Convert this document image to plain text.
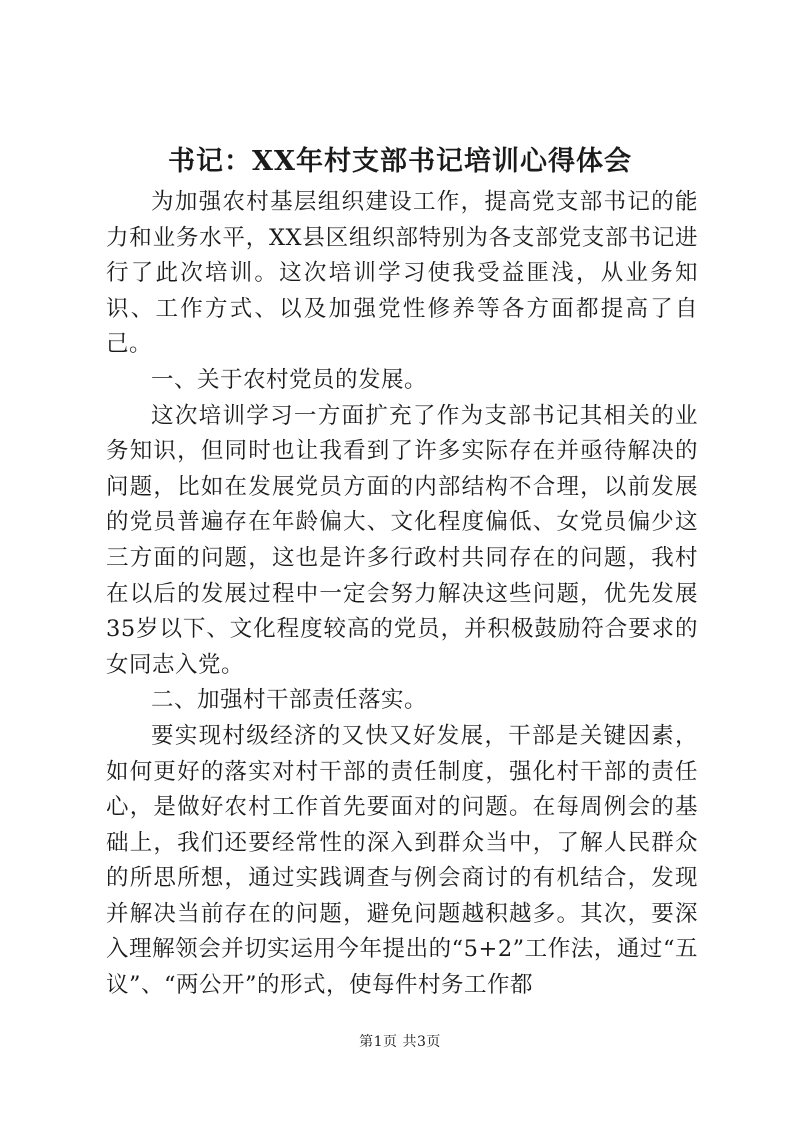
书记：XX年村支部书记培训心得体会

为加强农村基层组织建设工作，提高党支部书记的能力和业务水平，XX县区组织部特别为各支部党支部书记进行了此次培训。这次培训学习使我受益匪浅，从业务知识、工作方式、以及加强党性修养等各方面都提高了自己。

一、关于农村党员的发展。

这次培训学习一方面扩充了作为支部书记其相关的业务知识，但同时也让我看到了许多实际存在并亟待解决的问题，比如在发展党员方面的内部结构不合理，以前发展的党员普遍存在年龄偏大、文化程度偏低、女党员偏少这三方面的问题，这也是许多行政村共同存在的问题，我村在以后的发展过程中一定会努力解决这些问题，优先发展35岁以下、文化程度较高的党员，并积极鼓励符合要求的女同志入党。

二、加强村干部责任落实。

要实现村级经济的又快又好发展，干部是关键因素，如何更好的落实对村干部的责任制度，强化村干部的责任心，是做好农村工作首先要面对的问题。在每周例会的基础上，我们还要经常性的深入到群众当中，了解人民群众的所思所想，通过实践调查与例会商讨的有机结合，发现并解决当前存在的问题，避免问题越积越多。其次，要深入理解领会并切实运用今年提出的“5+2”工作法，通过“五议”、“两公开”的形式，使每件村务工作都

第1页 共3页
